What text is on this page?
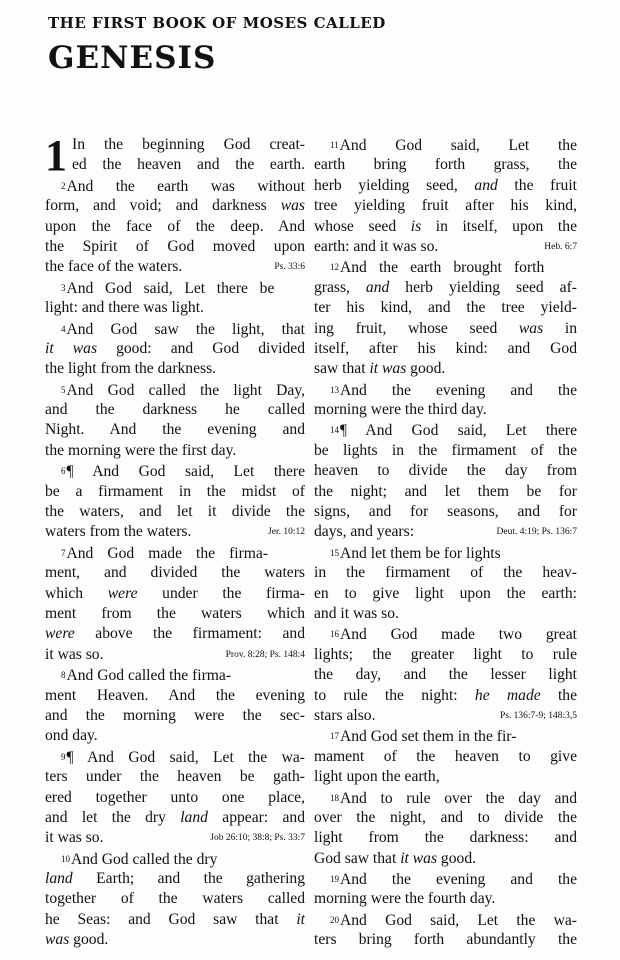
THE FIRST BOOK OF MOSES CALLED
GENESIS
1 In the beginning God creat-
ed the heaven and the earth.
2And the earth was without
form, and void; and darkness was
upon the face of the deep. And
the Spirit of God moved upon
the face of the waters.	Ps. 33:6
3And God said, Let there be
light: and there was light.
4And God saw the light, that
it was good: and God divided
the light from the darkness.
5And God called the light Day,
and the darkness he called
Night. And the evening and
the morning were the first day.
6¶ And God said, Let there
be a firmament in the midst of
the waters, and let it divide the
waters from the waters.	Jer. 10:12
7And God made the firma-
ment, and divided the waters
which were under the firma-
ment from the waters which
were above the firmament: and
it was so.	Prov. 8:28; Ps. 148:4
8And God called the firma-
ment Heaven. And the evening
and the morning were the sec-
ond day.
9¶ And God said, Let the wa-
ters under the heaven be gath-
ered together unto one place,
and let the dry land appear: and
it was so.	Job 26:10; 38:8; Ps. 33:7
10And God called the dry
land Earth; and the gathering
together of the waters called
he Seas: and God saw that it
was good.
11And God said, Let the
earth bring forth grass, the
herb yielding seed, and the fruit
tree yielding fruit after his kind,
whose seed is in itself, upon the
earth: and it was so.	Heb. 6:7
12And the earth brought forth
grass, and herb yielding seed af-
ter his kind, and the tree yield-
ing fruit, whose seed was in
itself, after his kind: and God
saw that it was good.
13And the evening and the
morning were the third day.
14¶ And God said, Let there
be lights in the firmament of the
heaven to divide the day from
the night; and let them be for
signs, and for seasons, and for
days, and years:	Deut. 4:19; Ps. 136:7
15And let them be for lights
in the firmament of the heav-
en to give light upon the earth:
and it was so.
16And God made two great
lights; the greater light to rule
the day, and the lesser light
to rule the night: he made the
stars also.	Ps. 136:7-9; 148:3,5
17And God set them in the fir-
mament of the heaven to give
light upon the earth,
18And to rule over the day and
over the night, and to divide the
light from the darkness: and
God saw that it was good.
19And the evening and the
morning were the fourth day.
20And God said, Let the wa-
ters bring forth abundantly the
